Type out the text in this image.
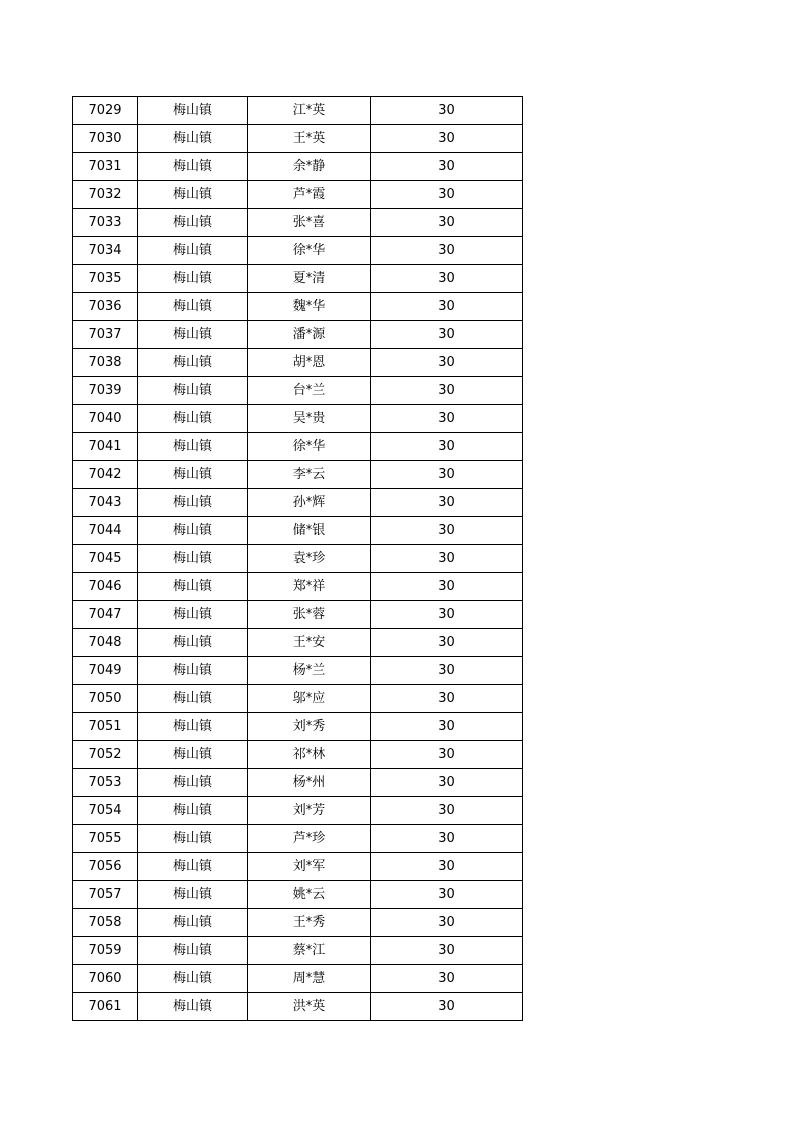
7029	梅山镇	江*英	30
7030	梅山镇	王*英	30
7031	梅山镇	余*静	30
7032	梅山镇	芦*霞	30
7033	梅山镇	张*喜	30
7034	梅山镇	徐*华	30
7035	梅山镇	夏*清	30
7036	梅山镇	魏*华	30
7037	梅山镇	潘*源	30
7038	梅山镇	胡*恩	30
7039	梅山镇	台*兰	30
7040	梅山镇	吴*贵	30
7041	梅山镇	徐*华	30
7042	梅山镇	李*云	30
7043	梅山镇	孙*辉	30
7044	梅山镇	储*银	30
7045	梅山镇	袁*珍	30
7046	梅山镇	郑*祥	30
7047	梅山镇	张*蓉	30
7048	梅山镇	王*安	30
7049	梅山镇	杨*兰	30
7050	梅山镇	邬*应	30
7051	梅山镇	刘*秀	30
7052	梅山镇	祁*林	30
7053	梅山镇	杨*州	30
7054	梅山镇	刘*芳	30
7055	梅山镇	芦*珍	30
7056	梅山镇	刘*军	30
7057	梅山镇	姚*云	30
7058	梅山镇	王*秀	30
7059	梅山镇	蔡*江	30
7060	梅山镇	周*慧	30
7061	梅山镇	洪*英	30
